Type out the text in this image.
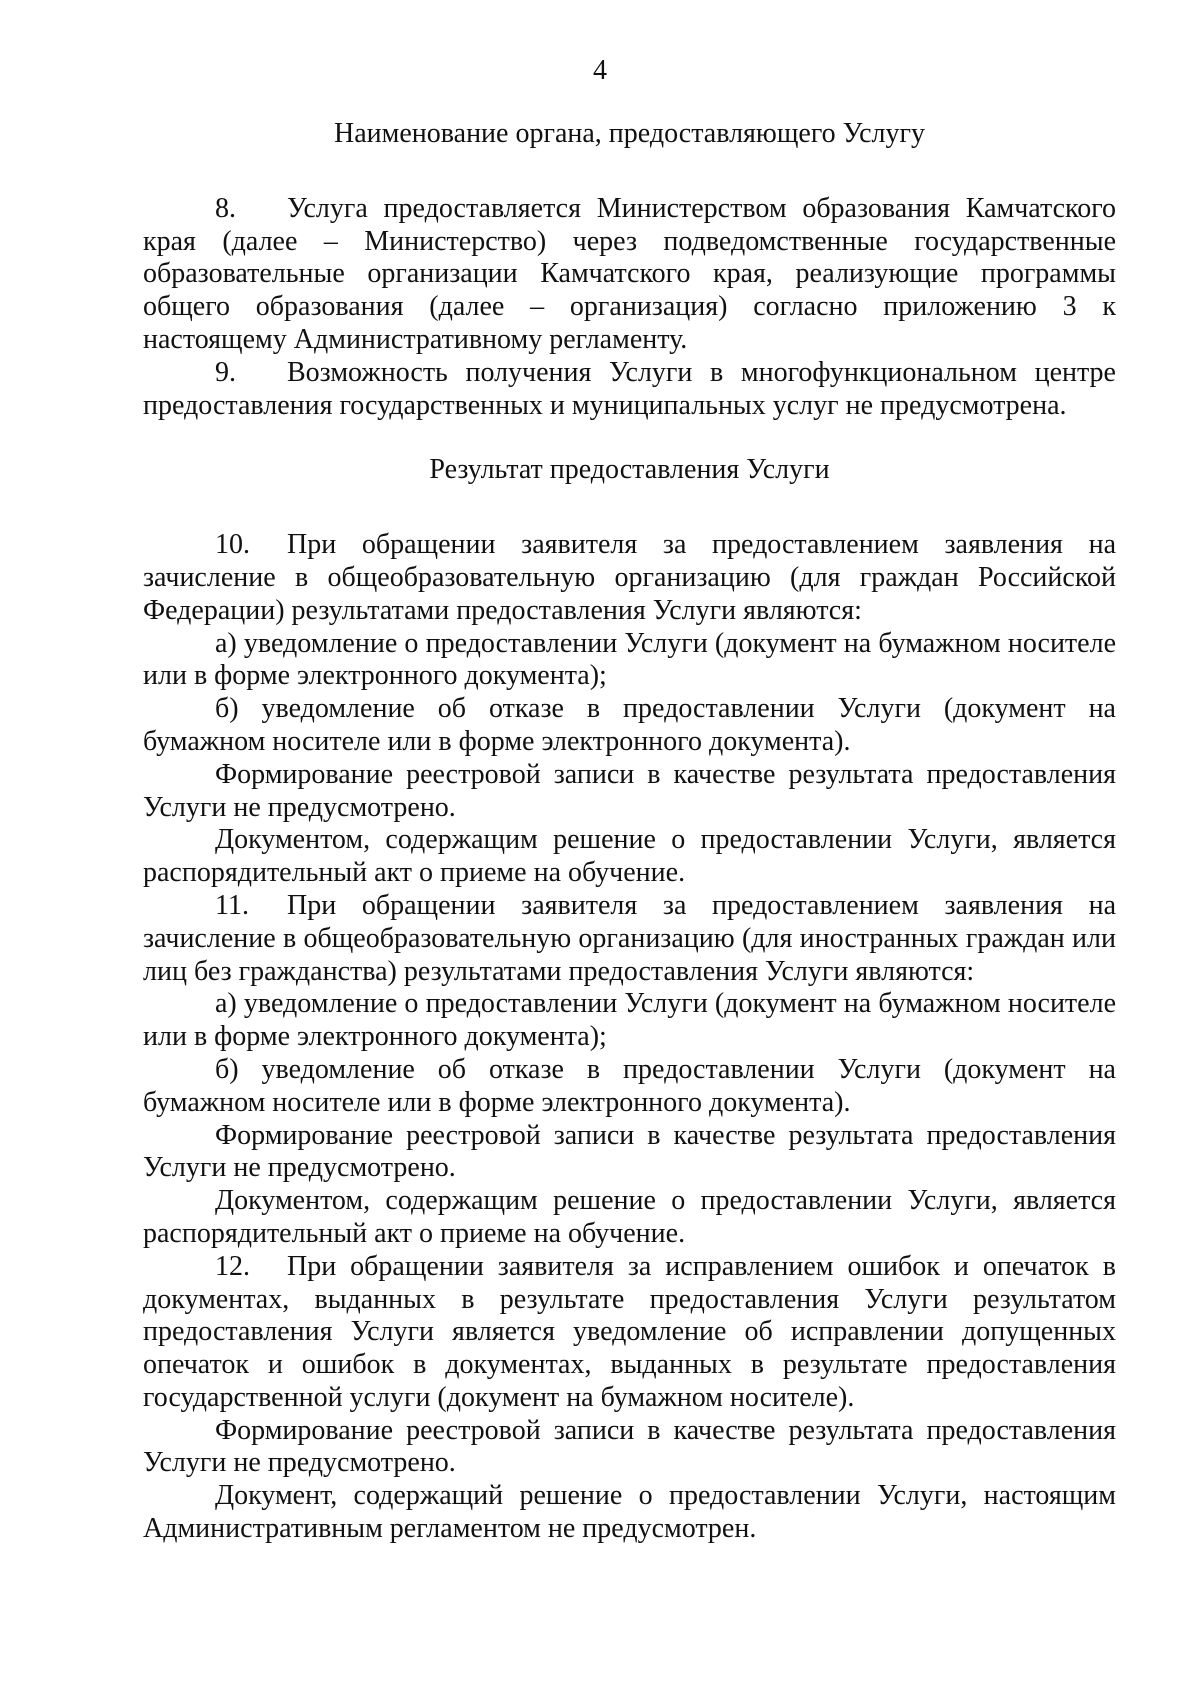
4
Наименование органа, предоставляющего Услугу

8. Услуга предоставляется Министерством образования Камчатского края (далее – Министерство) через подведомственные государственные образовательные организации Камчатского края, реализующие программы общего образования (далее – организация) согласно приложению 3 к настоящему Административному регламенту.

9. Возможность получения Услуги в многофункциональном центре предоставления государственных и муниципальных услуг не предусмотрена.

Результат предоставления Услуги

10. При обращении заявителя за предоставлением заявления на зачисление в общеобразовательную организацию (для граждан Российской Федерации) результатами предоставления Услуги являются:

а) уведомление о предоставлении Услуги (документ на бумажном носителе или в форме электронного документа);

б) уведомление об отказе в предоставлении Услуги (документ на бумажном носителе или в форме электронного документа).

Формирование реестровой записи в качестве результата предоставления Услуги не предусмотрено.

Документом, содержащим решение о предоставлении Услуги, является распорядительный акт о приеме на обучение.

11. При обращении заявителя за предоставлением заявления на зачисление в общеобразовательную организацию (для иностранных граждан или лиц без гражданства) результатами предоставления Услуги являются:

а) уведомление о предоставлении Услуги (документ на бумажном носителе или в форме электронного документа);

б) уведомление об отказе в предоставлении Услуги (документ на бумажном носителе или в форме электронного документа).

Формирование реестровой записи в качестве результата предоставления Услуги не предусмотрено.

Документом, содержащим решение о предоставлении Услуги, является распорядительный акт о приеме на обучение.

12. При обращении заявителя за исправлением ошибок и опечаток в документах, выданных в результате предоставления Услуги результатом предоставления Услуги является уведомление об исправлении допущенных опечаток и ошибок в документах, выданных в результате предоставления государственной услуги (документ на бумажном носителе).

Формирование реестровой записи в качестве результата предоставления Услуги не предусмотрено.

Документ, содержащий решение о предоставлении Услуги, настоящим Административным регламентом не предусмотрен.
